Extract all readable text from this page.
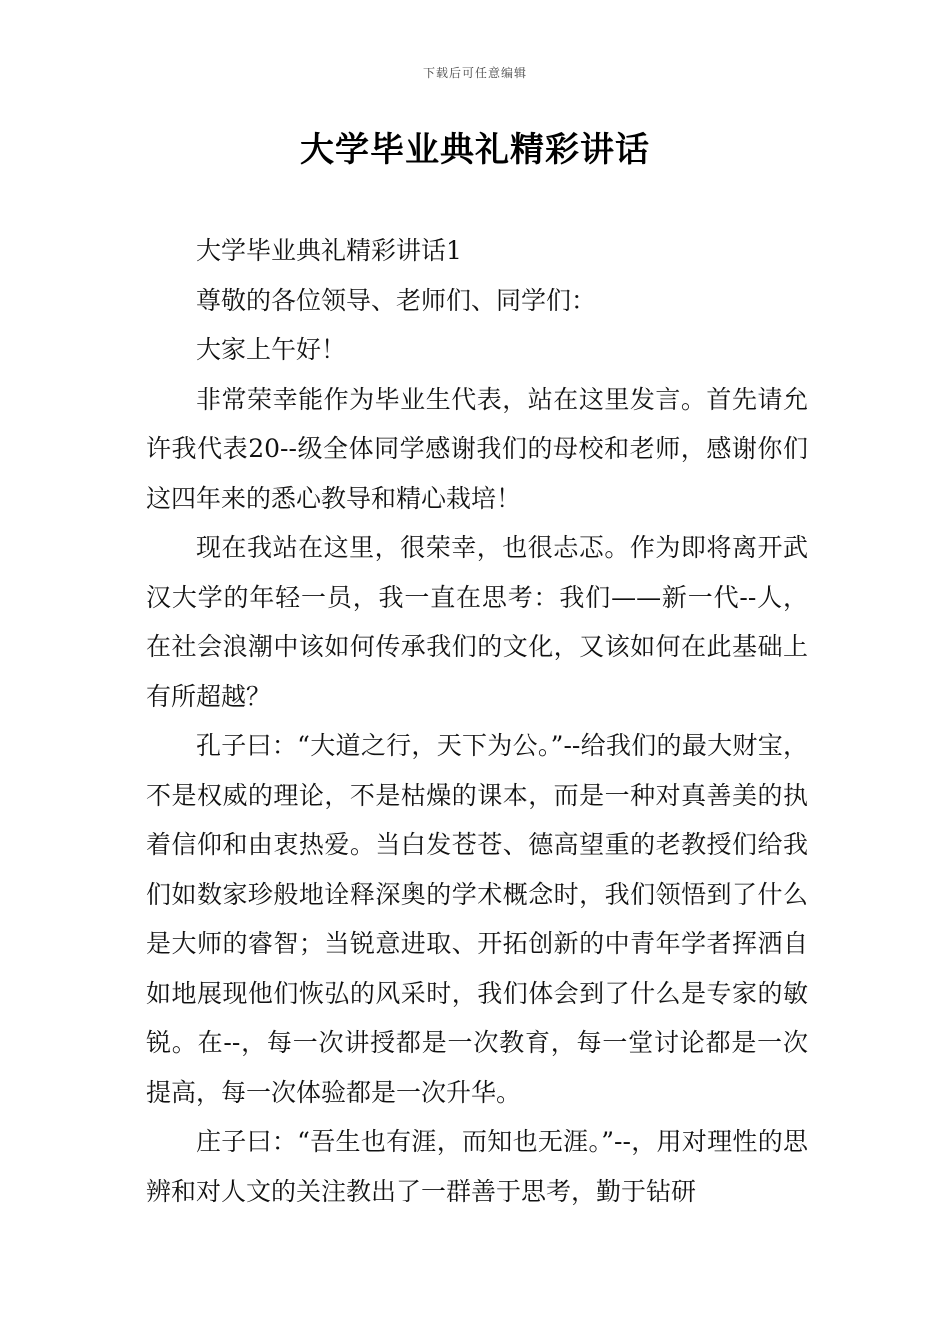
下载后可任意编辑
大学毕业典礼精彩讲话

大学毕业典礼精彩讲话1

尊敬的各位领导、老师们、同学们：

大家上午好！

非常荣幸能作为毕业生代表，站在这里发言。首先请允许我代表20--级全体同学感谢我们的母校和老师，感谢你们这四年来的悉心教导和精心栽培！

现在我站在这里，很荣幸，也很忐忑。作为即将离开武汉大学的年轻一员，我一直在思考：我们——新一代--人，在社会浪潮中该如何传承我们的文化，又该如何在此基础上有所超越？

孔子曰：“大道之行，天下为公。”--给我们的最大财宝，不是权威的理论，不是枯燥的课本，而是一种对真善美的执着信仰和由衷热爱。当白发苍苍、德高望重的老教授们给我们如数家珍般地诠释深奥的学术概念时，我们领悟到了什么是大师的睿智；当锐意进取、开拓创新的中青年学者挥洒自如地展现他们恢弘的风采时，我们体会到了什么是专家的敏锐。在--，每一次讲授都是一次教育，每一堂讨论都是一次提高，每一次体验都是一次升华。

庄子曰：“吾生也有涯，而知也无涯。”--，用对理性的思辨和对人文的关注教出了一群善于思考，勤于钻研
